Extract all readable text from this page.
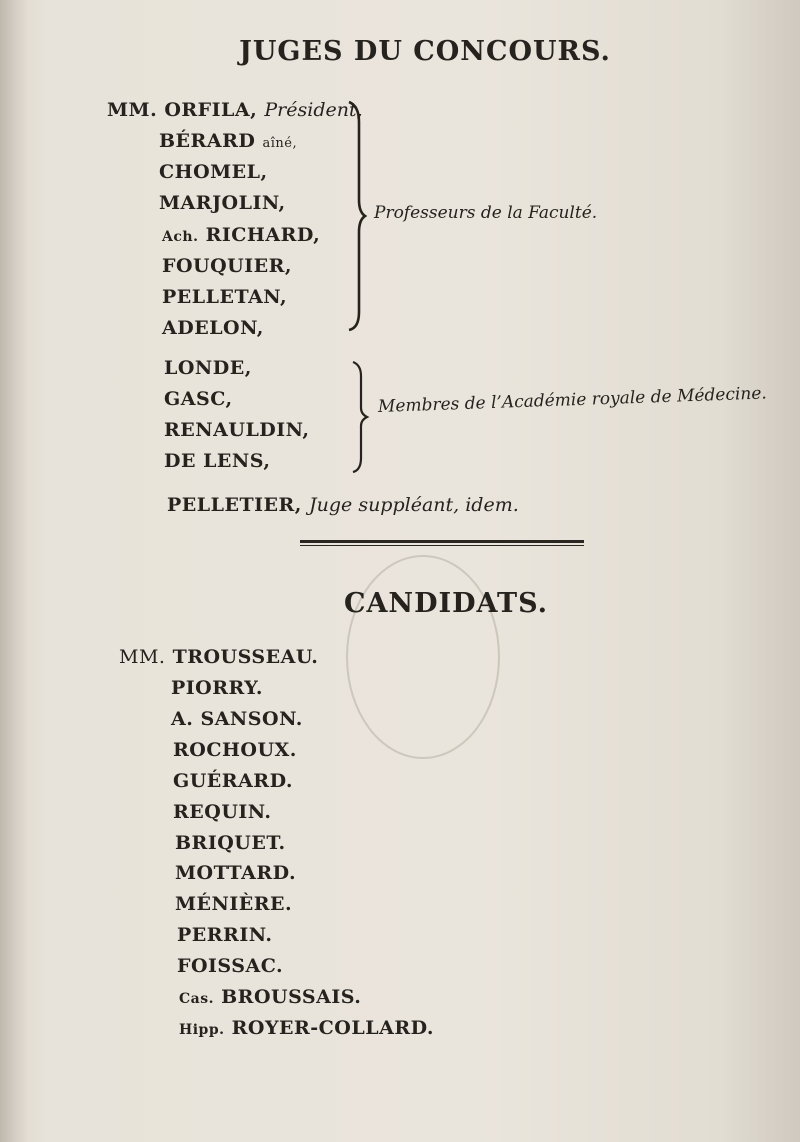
JUGES DU CONCOURS.

MM. ORFILA, Président,

BÉRARD aîné,

CHOMEL,

MARJOLIN,

Ach. RICHARD,

FOUQUIER,

PELLETAN,

ADELON,

Professeurs de la Faculté.

LONDE,

GASC,

RENAULDIN,

DE LENS,

Membres de l’Académie royale de Médecine.

PELLETIER, Juge suppléant, idem.

CANDIDATS.

MM. TROUSSEAU.

PIORRY.

A. SANSON.

ROCHOUX.

GUÉRARD.

REQUIN.

BRIQUET.

MOTTARD.

MÉNIÈRE.

PERRIN.

FOISSAC.

Cas. BROUSSAIS.

Hipp. ROYER-COLLARD.
